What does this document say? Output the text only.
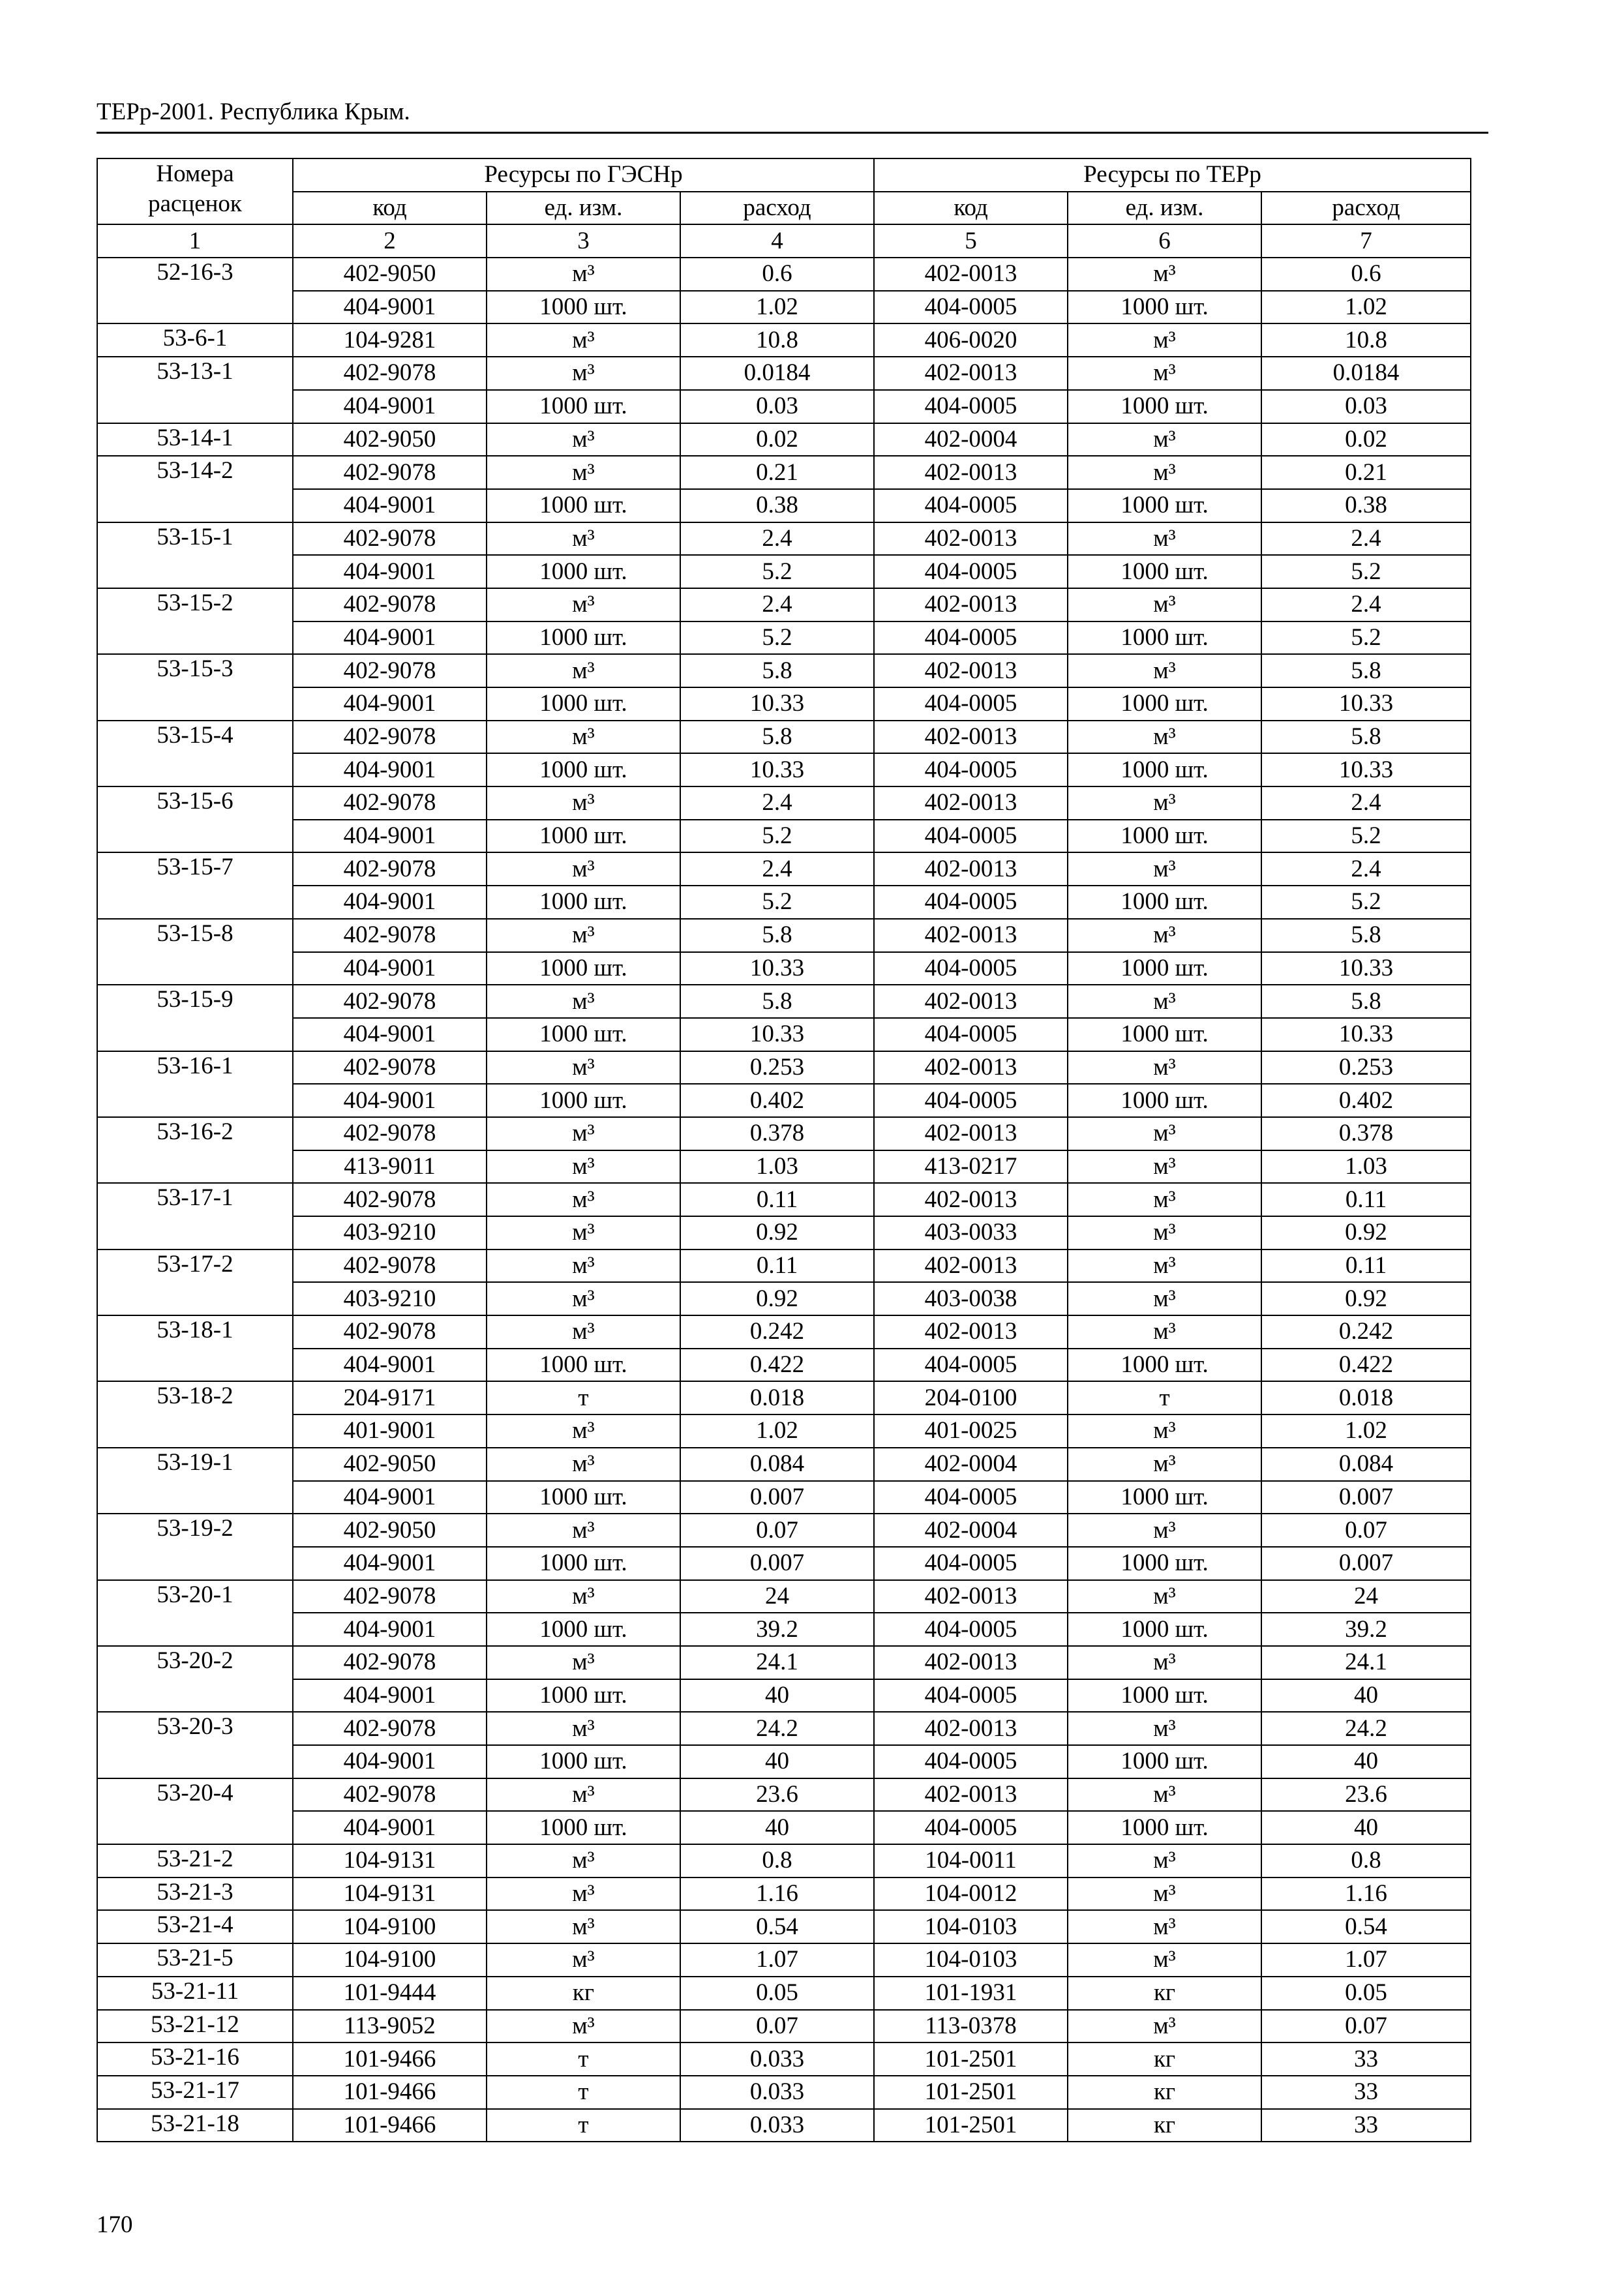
ТЕРр-2001. Республика Крым.
Номера расценок	Ресурсы по ГЭСНр			Ресурсы по ТЕРр		
	код	ед. изм.	расход	код	ед. изм.	расход
1	2	3	4	5	6	7
52-16-3	402-9050	м³	0.6	402-0013	м³	0.6
	404-9001	1000 шт.	1.02	404-0005	1000 шт.	1.02
53-6-1	104-9281	м³	10.8	406-0020	м³	10.8
53-13-1	402-9078	м³	0.0184	402-0013	м³	0.0184
	404-9001	1000 шт.	0.03	404-0005	1000 шт.	0.03
53-14-1	402-9050	м³	0.02	402-0004	м³	0.02
53-14-2	402-9078	м³	0.21	402-0013	м³	0.21
	404-9001	1000 шт.	0.38	404-0005	1000 шт.	0.38
53-15-1	402-9078	м³	2.4	402-0013	м³	2.4
	404-9001	1000 шт.	5.2	404-0005	1000 шт.	5.2
53-15-2	402-9078	м³	2.4	402-0013	м³	2.4
	404-9001	1000 шт.	5.2	404-0005	1000 шт.	5.2
53-15-3	402-9078	м³	5.8	402-0013	м³	5.8
	404-9001	1000 шт.	10.33	404-0005	1000 шт.	10.33
53-15-4	402-9078	м³	5.8	402-0013	м³	5.8
	404-9001	1000 шт.	10.33	404-0005	1000 шт.	10.33
53-15-6	402-9078	м³	2.4	402-0013	м³	2.4
	404-9001	1000 шт.	5.2	404-0005	1000 шт.	5.2
53-15-7	402-9078	м³	2.4	402-0013	м³	2.4
	404-9001	1000 шт.	5.2	404-0005	1000 шт.	5.2
53-15-8	402-9078	м³	5.8	402-0013	м³	5.8
	404-9001	1000 шт.	10.33	404-0005	1000 шт.	10.33
53-15-9	402-9078	м³	5.8	402-0013	м³	5.8
	404-9001	1000 шт.	10.33	404-0005	1000 шт.	10.33
53-16-1	402-9078	м³	0.253	402-0013	м³	0.253
	404-9001	1000 шт.	0.402	404-0005	1000 шт.	0.402
53-16-2	402-9078	м³	0.378	402-0013	м³	0.378
	413-9011	м³	1.03	413-0217	м³	1.03
53-17-1	402-9078	м³	0.11	402-0013	м³	0.11
	403-9210	м³	0.92	403-0033	м³	0.92
53-17-2	402-9078	м³	0.11	402-0013	м³	0.11
	403-9210	м³	0.92	403-0038	м³	0.92
53-18-1	402-9078	м³	0.242	402-0013	м³	0.242
	404-9001	1000 шт.	0.422	404-0005	1000 шт.	0.422
53-18-2	204-9171	т	0.018	204-0100	т	0.018
	401-9001	м³	1.02	401-0025	м³	1.02
53-19-1	402-9050	м³	0.084	402-0004	м³	0.084
	404-9001	1000 шт.	0.007	404-0005	1000 шт.	0.007
53-19-2	402-9050	м³	0.07	402-0004	м³	0.07
	404-9001	1000 шт.	0.007	404-0005	1000 шт.	0.007
53-20-1	402-9078	м³	24	402-0013	м³	24
	404-9001	1000 шт.	39.2	404-0005	1000 шт.	39.2
53-20-2	402-9078	м³	24.1	402-0013	м³	24.1
	404-9001	1000 шт.	40	404-0005	1000 шт.	40
53-20-3	402-9078	м³	24.2	402-0013	м³	24.2
	404-9001	1000 шт.	40	404-0005	1000 шт.	40
53-20-4	402-9078	м³	23.6	402-0013	м³	23.6
	404-9001	1000 шт.	40	404-0005	1000 шт.	40
53-21-2	104-9131	м³	0.8	104-0011	м³	0.8
53-21-3	104-9131	м³	1.16	104-0012	м³	1.16
53-21-4	104-9100	м³	0.54	104-0103	м³	0.54
53-21-5	104-9100	м³	1.07	104-0103	м³	1.07
53-21-11	101-9444	кг	0.05	101-1931	кг	0.05
53-21-12	113-9052	м³	0.07	113-0378	м³	0.07
53-21-16	101-9466	т	0.033	101-2501	кг	33
53-21-17	101-9466	т	0.033	101-2501	кг	33
53-21-18	101-9466	т	0.033	101-2501	кг	33
170
